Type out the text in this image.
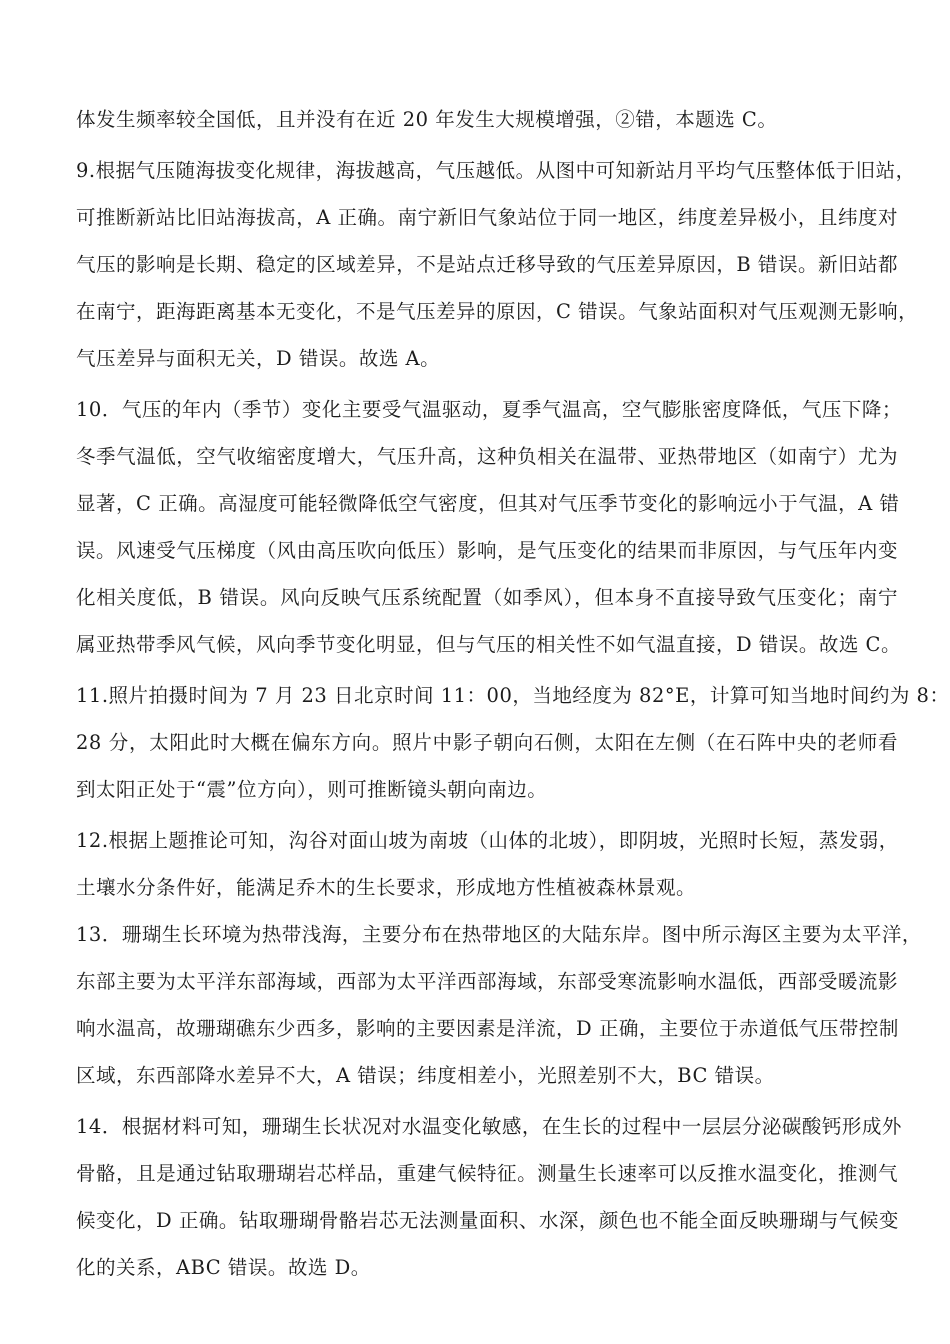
体发生频率较全国低，且并没有在近 20 年发生大规模增强，②错，本题选 C。
9.根据气压随海拔变化规律，海拔越高，气压越低。从图中可知新站月平均气压整体低于旧站，
可推断新站比旧站海拔高，A 正确。南宁新旧气象站位于同一地区，纬度差异极小，且纬度对
气压的影响是长期、稳定的区域差异，不是站点迁移导致的气压差异原因，B 错误。新旧站都
在南宁，距海距离基本无变化，不是气压差异的原因，C 错误。气象站面积对气压观测无影响，
气压差异与面积无关，D 错误。故选 A。
10．气压的年内（季节）变化主要受气温驱动，夏季气温高，空气膨胀密度降低，气压下降；
冬季气温低，空气收缩密度增大，气压升高，这种负相关在温带、亚热带地区（如南宁）尤为
显著，C 正确。高湿度可能轻微降低空气密度，但其对气压季节变化的影响远小于气温，A 错
误。风速受气压梯度（风由高压吹向低压）影响，是气压变化的结果而非原因，与气压年内变
化相关度低，B 错误。风向反映气压系统配置（如季风），但本身不直接导致气压变化；南宁
属亚热带季风气候，风向季节变化明显，但与气压的相关性不如气温直接，D 错误。故选 C。
11.照片拍摄时间为 7 月 23 日北京时间 11：00，当地经度为 82°E，计算可知当地时间约为 8：
28 分，太阳此时大概在偏东方向。照片中影子朝向石侧，太阳在左侧（在石阵中央的老师看
到太阳正处于“震”位方向），则可推断镜头朝向南边。
12.根据上题推论可知，沟谷对面山坡为南坡（山体的北坡），即阴坡，光照时长短，蒸发弱，
土壤水分条件好，能满足乔木的生长要求，形成地方性植被森林景观。
13．珊瑚生长环境为热带浅海，主要分布在热带地区的大陆东岸。图中所示海区主要为太平洋，
东部主要为太平洋东部海域，西部为太平洋西部海域，东部受寒流影响水温低，西部受暖流影
响水温高，故珊瑚礁东少西多，影响的主要因素是洋流，D 正确，主要位于赤道低气压带控制
区域，东西部降水差异不大，A 错误；纬度相差小，光照差别不大，BC 错误。
14．根据材料可知，珊瑚生长状况对水温变化敏感，在生长的过程中一层层分泌碳酸钙形成外
骨骼，且是通过钻取珊瑚岩芯样品，重建气候特征。测量生长速率可以反推水温变化，推测气
候变化，D 正确。钻取珊瑚骨骼岩芯无法测量面积、水深，颜色也不能全面反映珊瑚与气候变
化的关系，ABC 错误。故选 D。
